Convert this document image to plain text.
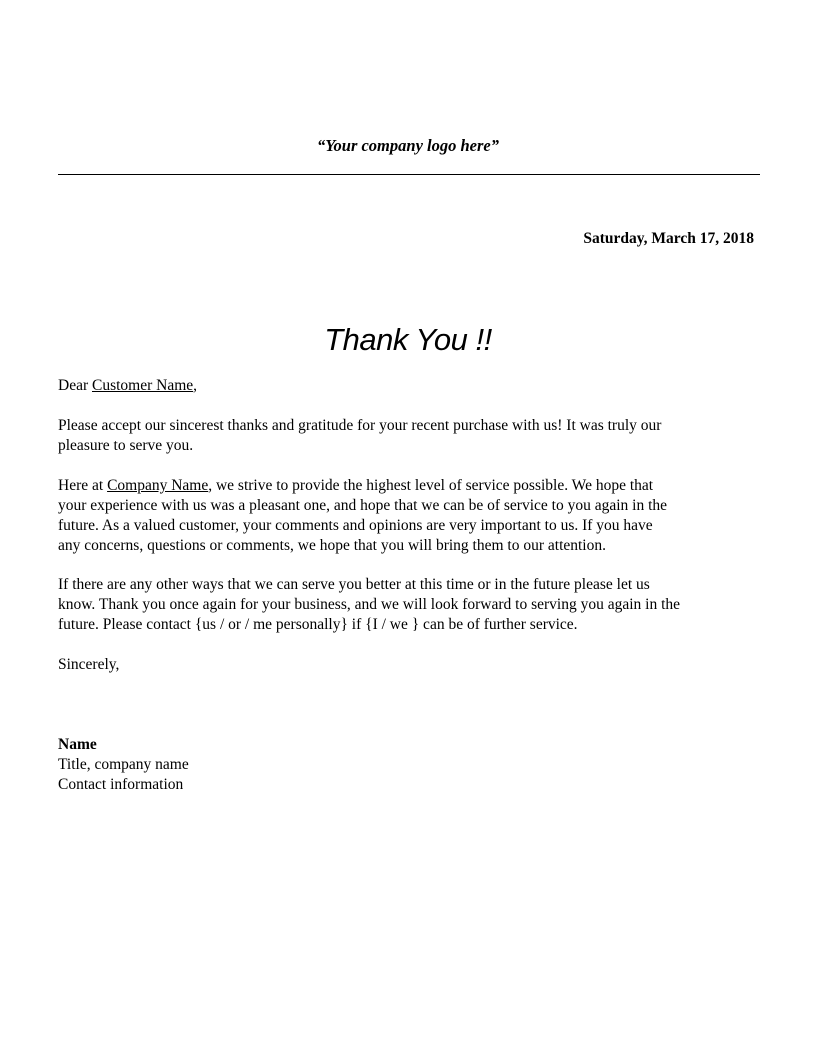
“Your company logo here”
Saturday, March 17, 2018
Thank You !!
Dear Customer Name,
Please accept our sincerest thanks and gratitude for your recent purchase with us! It was truly our
pleasure to serve you.
Here at Company Name, we strive to provide the highest level of service possible. We hope that
your experience with us was a pleasant one, and hope that we can be of service to you again in the
future. As a valued customer, your comments and opinions are very important to us. If you have
any concerns, questions or comments, we hope that you will bring them to our attention.
If there are any other ways that we can serve you better at this time or in the future please let us
know. Thank you once again for your business, and we will look forward to serving you again in the
future. Please contact {us / or / me personally} if {I / we } can be of further service.
Sincerely,
Name
Title, company name
Contact information
